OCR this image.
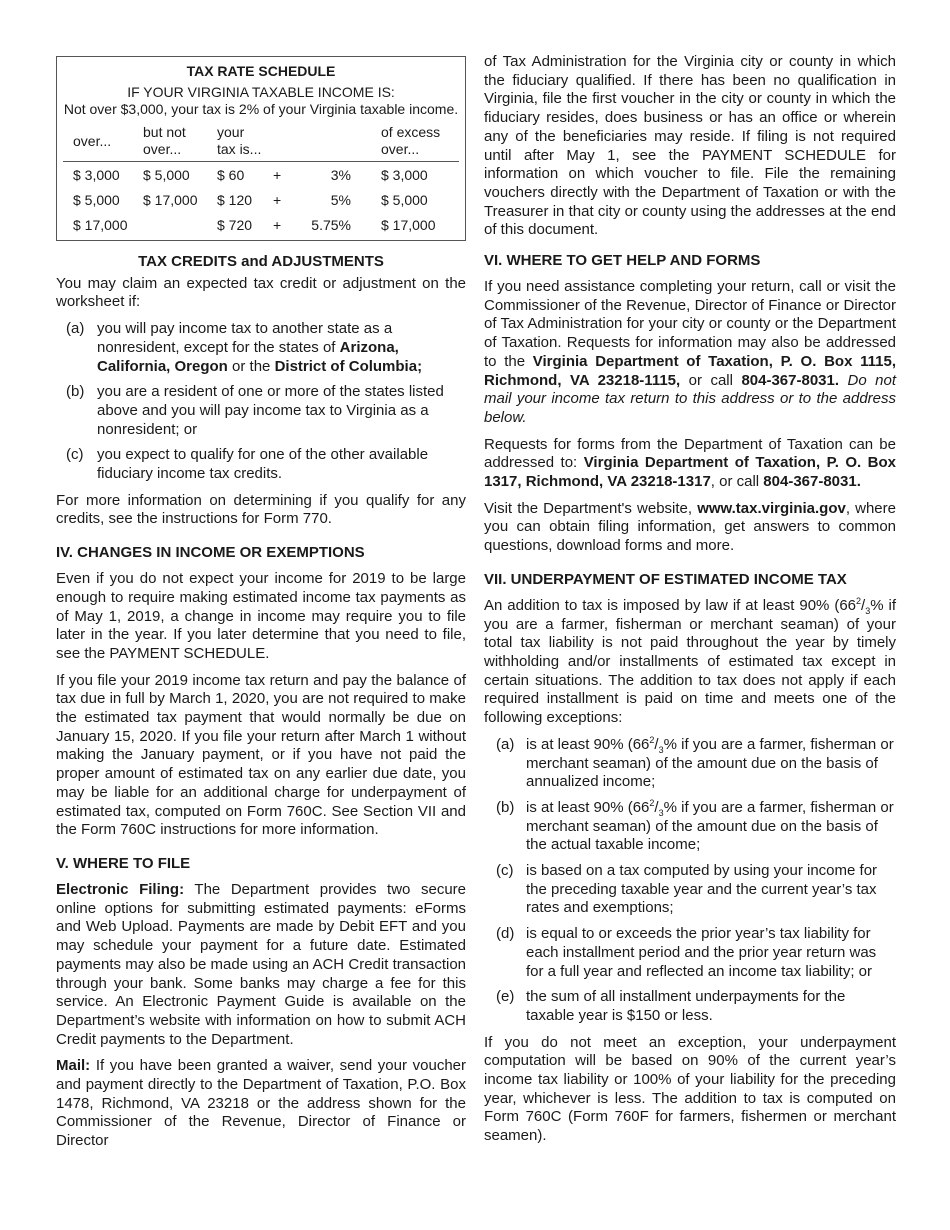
TAX RATE SCHEDULE
IF YOUR VIRGINIA TAXABLE INCOME IS:
Not over $3,000, your tax is 2% of your Virginia taxable income.
over...	but not over...	your tax is...			of excess over...
$ 3,000	$ 5,000	$ 60	+	3%	$ 3,000
$ 5,000	$ 17,000	$ 120	+	5%	$ 5,000
$ 17,000		$ 720	+	5.75%	$ 17,000
TAX CREDITS and ADJUSTMENTS

You may claim an expected tax credit or adjustment on the worksheet if:

(a) you will pay income tax to another state as a nonresident, except for the states of Arizona, California, Oregon or the District of Columbia;
(b) you are a resident of one or more of the states listed above and you will pay income tax to Virginia as a nonresident; or
(c) you expect to qualify for one of the other available fiduciary income tax credits.

For more information on determining if you qualify for any credits, see the instructions for Form 770.

IV. CHANGES IN INCOME OR EXEMPTIONS

Even if you do not expect your income for 2019 to be large enough to require making estimated income tax payments as of May 1, 2019, a change in income may require you to file later in the year. If you later determine that you need to file, see the PAYMENT SCHEDULE.

If you file your 2019 income tax return and pay the balance of tax due in full by March 1, 2020, you are not required to make the estimated tax payment that would normally be due on January 15, 2020. If you file your return after March 1 without making the January payment, or if you have not paid the proper amount of estimated tax on any earlier due date, you may be liable for an additional charge for underpayment of estimated tax, computed on Form 760C. See Section VII and the Form 760C instructions for more information.

V. WHERE TO FILE

Electronic Filing: The Department provides two secure online options for submitting estimated payments: eForms and Web Upload. Payments are made by Debit EFT and you may schedule your payment for a future date. Estimated payments may also be made using an ACH Credit transaction through your bank. Some banks may charge a fee for this service. An Electronic Payment Guide is available on the Department’s website with information on how to submit ACH Credit payments to the Department.

Mail: If you have been granted a waiver, send your voucher and payment directly to the Department of Taxation, P.O. Box 1478, Richmond, VA 23218 or the address shown for the Commissioner of the Revenue, Director of Finance or Director

of Tax Administration for the Virginia city or county in which the fiduciary qualified. If there has been no qualification in Virginia, file the first voucher in the city or county in which the fiduciary resides, does business or has an office or wherein any of the beneficiaries may reside. If filing is not required until after May 1, see the PAYMENT SCHEDULE for information on which voucher to file. File the remaining vouchers directly with the Department of Taxation or with the Treasurer in that city or county using the addresses at the end of this document.

VI. WHERE TO GET HELP AND FORMS

If you need assistance completing your return, call or visit the Commissioner of the Revenue, Director of Finance or Director of Tax Administration for your city or county or the Department of Taxation. Requests for information may also be addressed to the Virginia Department of Taxation, P. O. Box 1115, Richmond, VA 23218-1115, or call 804-367-8031. Do not mail your income tax return to this address or to the address below.

Requests for forms from the Department of Taxation can be addressed to: Virginia Department of Taxation, P. O. Box 1317, Richmond, VA 23218-1317, or call 804-367-8031.

Visit the Department's website, www.tax.virginia.gov, where you can obtain filing information, get answers to common questions, download forms and more.

VII. UNDERPAYMENT OF ESTIMATED INCOME TAX

An addition to tax is imposed by law if at least 90% ($66^2/_3\%$ if you are a farmer, fisherman or merchant seaman) of your total tax liability is not paid throughout the year by timely withholding and/or installments of estimated tax except in certain situations. The addition to tax does not apply if each required installment is paid on time and meets one of the following exceptions:

(a) is at least 90% ($66^2/_3\%$ if you are a farmer, fisherman or merchant seaman) of the amount due on the basis of annualized income;
(b) is at least 90% ($66^2/_3\%$ if you are a farmer, fisherman or merchant seaman) of the amount due on the basis of the actual taxable income;
(c) is based on a tax computed by using your income for the preceding taxable year and the current year’s tax rates and exemptions;
(d) is equal to or exceeds the prior year’s tax liability for each installment period and the prior year return was for a full year and reflected an income tax liability; or
(e) the sum of all installment underpayments for the taxable year is $150 or less.

If you do not meet an exception, your underpayment computation will be based on 90% of the current year’s income tax liability or 100% of your liability for the preceding year, whichever is less. The addition to tax is computed on Form 760C (Form 760F for farmers, fishermen or merchant seamen).
